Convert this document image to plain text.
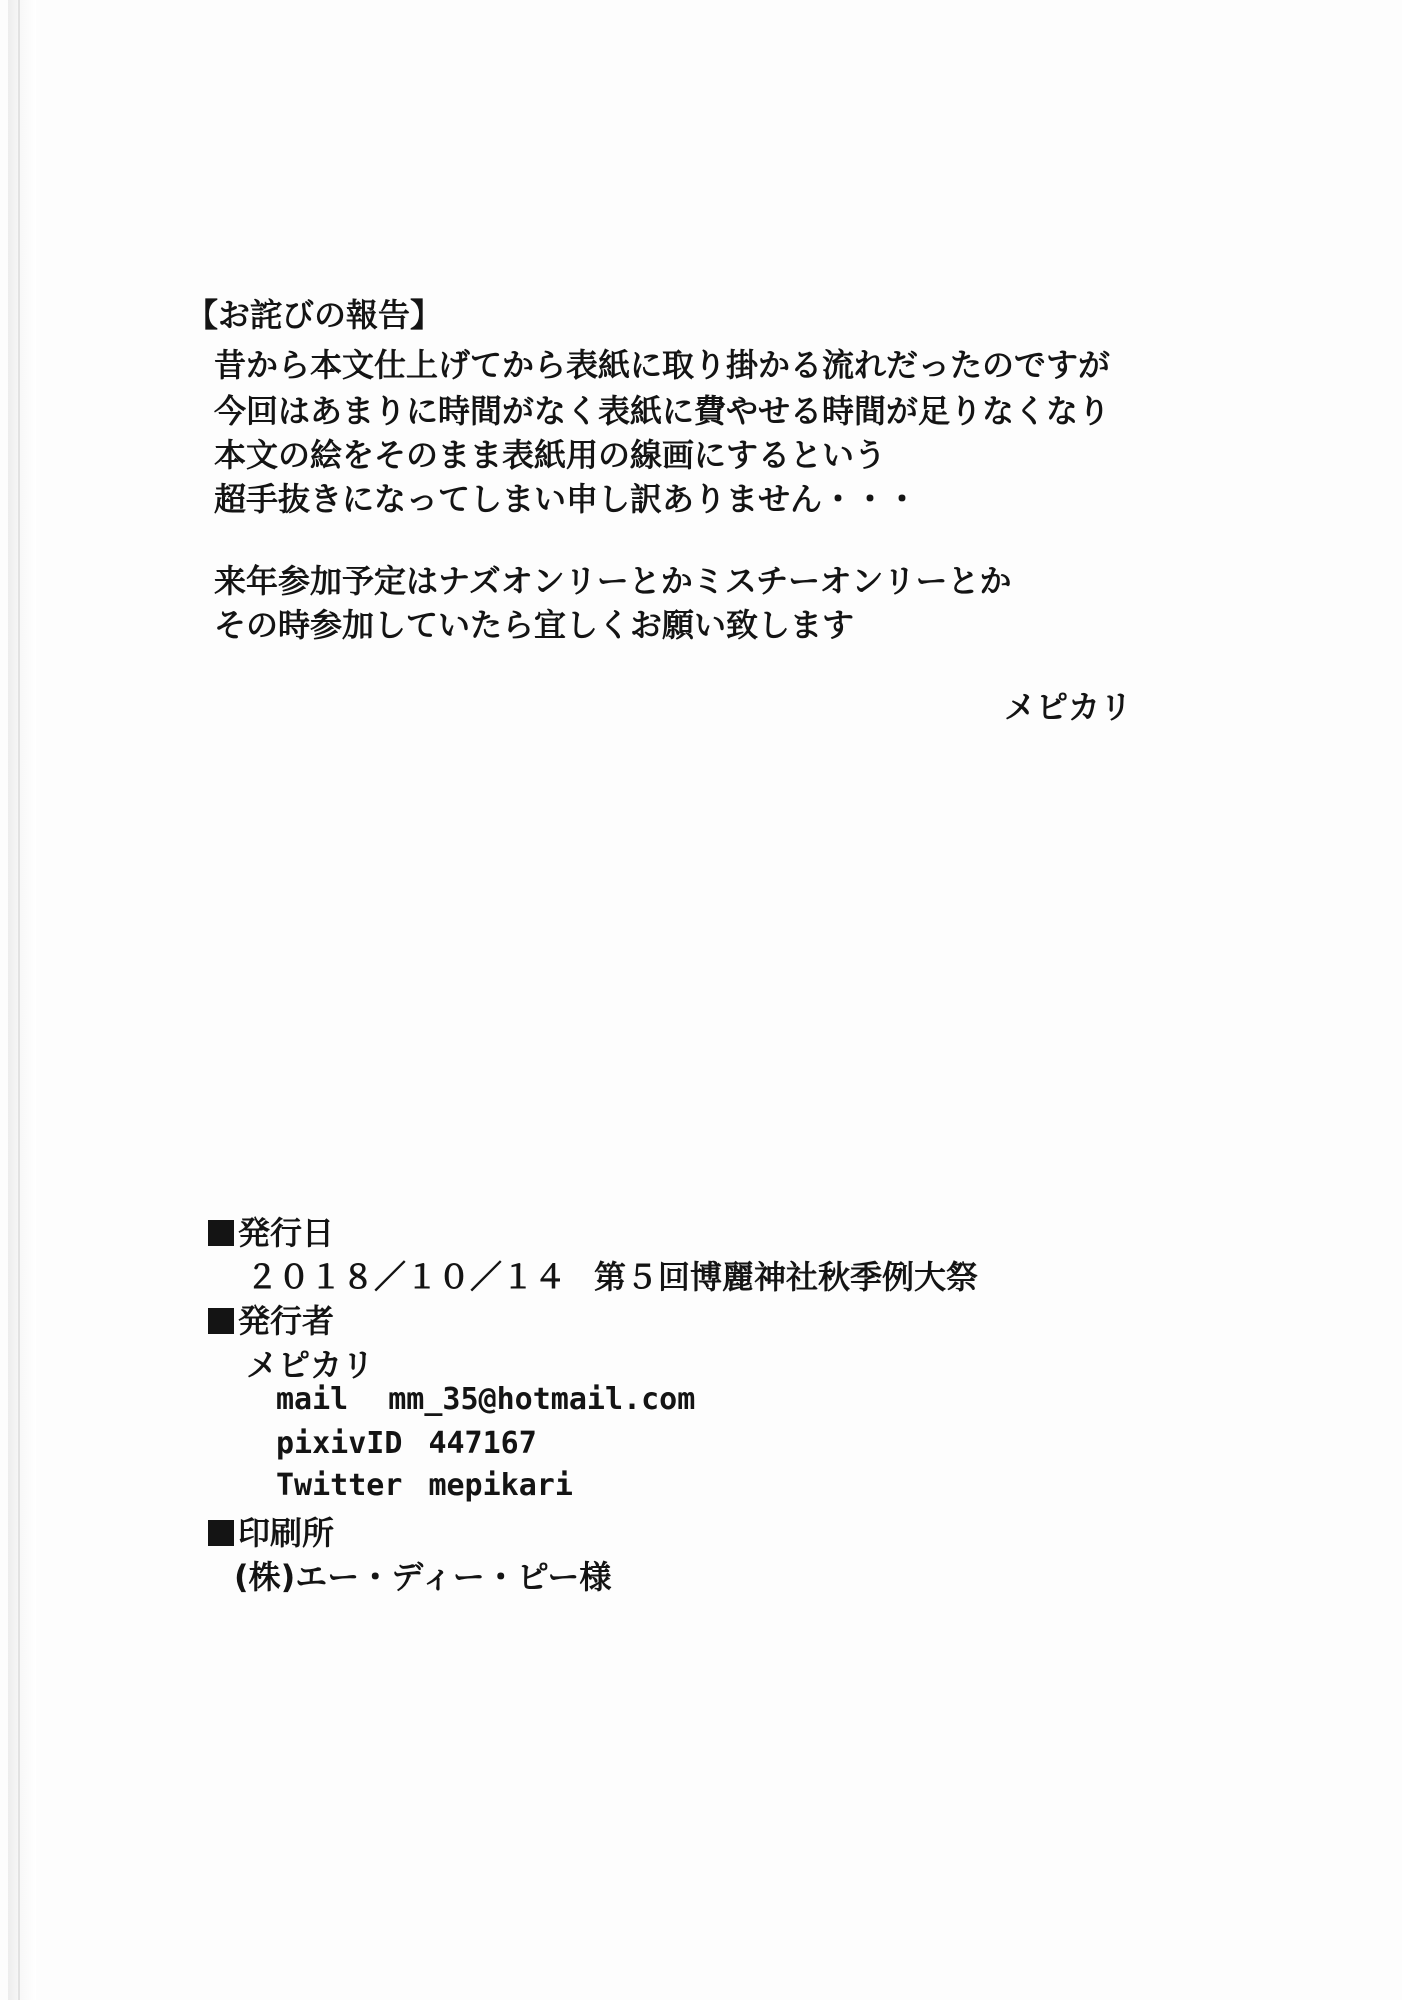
【お詫びの報告】

昔から本文仕上げてから表紙に取り掛かる流れだったのですが

今回はあまりに時間がなく表紙に費やせる時間が足りなくなり

本文の絵をそのまま表紙用の線画にするという

超手抜きになってしまい申し訳ありません・・・

来年参加予定はナズオンリーとかミスチーオンリーとか

その時参加していたら宜しくお願い致します

メピカリ

発行日

２０１８／１０／１４ 第５回博麗神社秋季例大祭

発行者

メピカリ

mail mm_35@hotmail.com

pixivID 447167

Twitter mepikari

印刷所

(株)エー・ディー・ピー様
